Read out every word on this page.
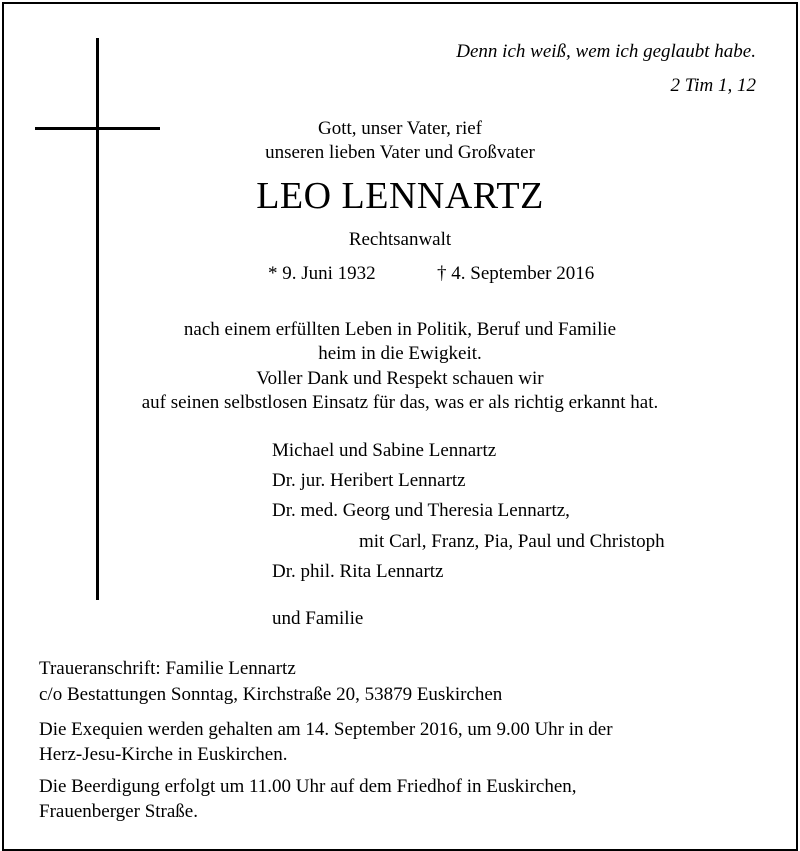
Denn ich weiß, wem ich geglaubt habe.
2 Tim 1, 12
Gott, unser Vater, rief
unseren lieben Vater und Großvater
LEO LENNARTZ
Rechtsanwalt
* 9. Juni 1932	† 4. September 2016
nach einem erfüllten Leben in Politik, Beruf und Familie
heim in die Ewigkeit.
Voller Dank und Respekt schauen wir
auf seinen selbstlosen Einsatz für das, was er als richtig erkannt hat.
Michael und Sabine Lennartz
Dr. jur. Heribert Lennartz
Dr. med. Georg und Theresia Lennartz,
mit Carl, Franz, Pia, Paul und Christoph
Dr. phil. Rita Lennartz
und Familie
Traueranschrift: Familie Lennartz
c/o Bestattungen Sonntag, Kirchstraße 20, 53879 Euskirchen
Die Exequien werden gehalten am 14. September 2016, um 9.00 Uhr in der
Herz-Jesu-Kirche in Euskirchen.
Die Beerdigung erfolgt um 11.00 Uhr auf dem Friedhof in Euskirchen,
Frauenberger Straße.
